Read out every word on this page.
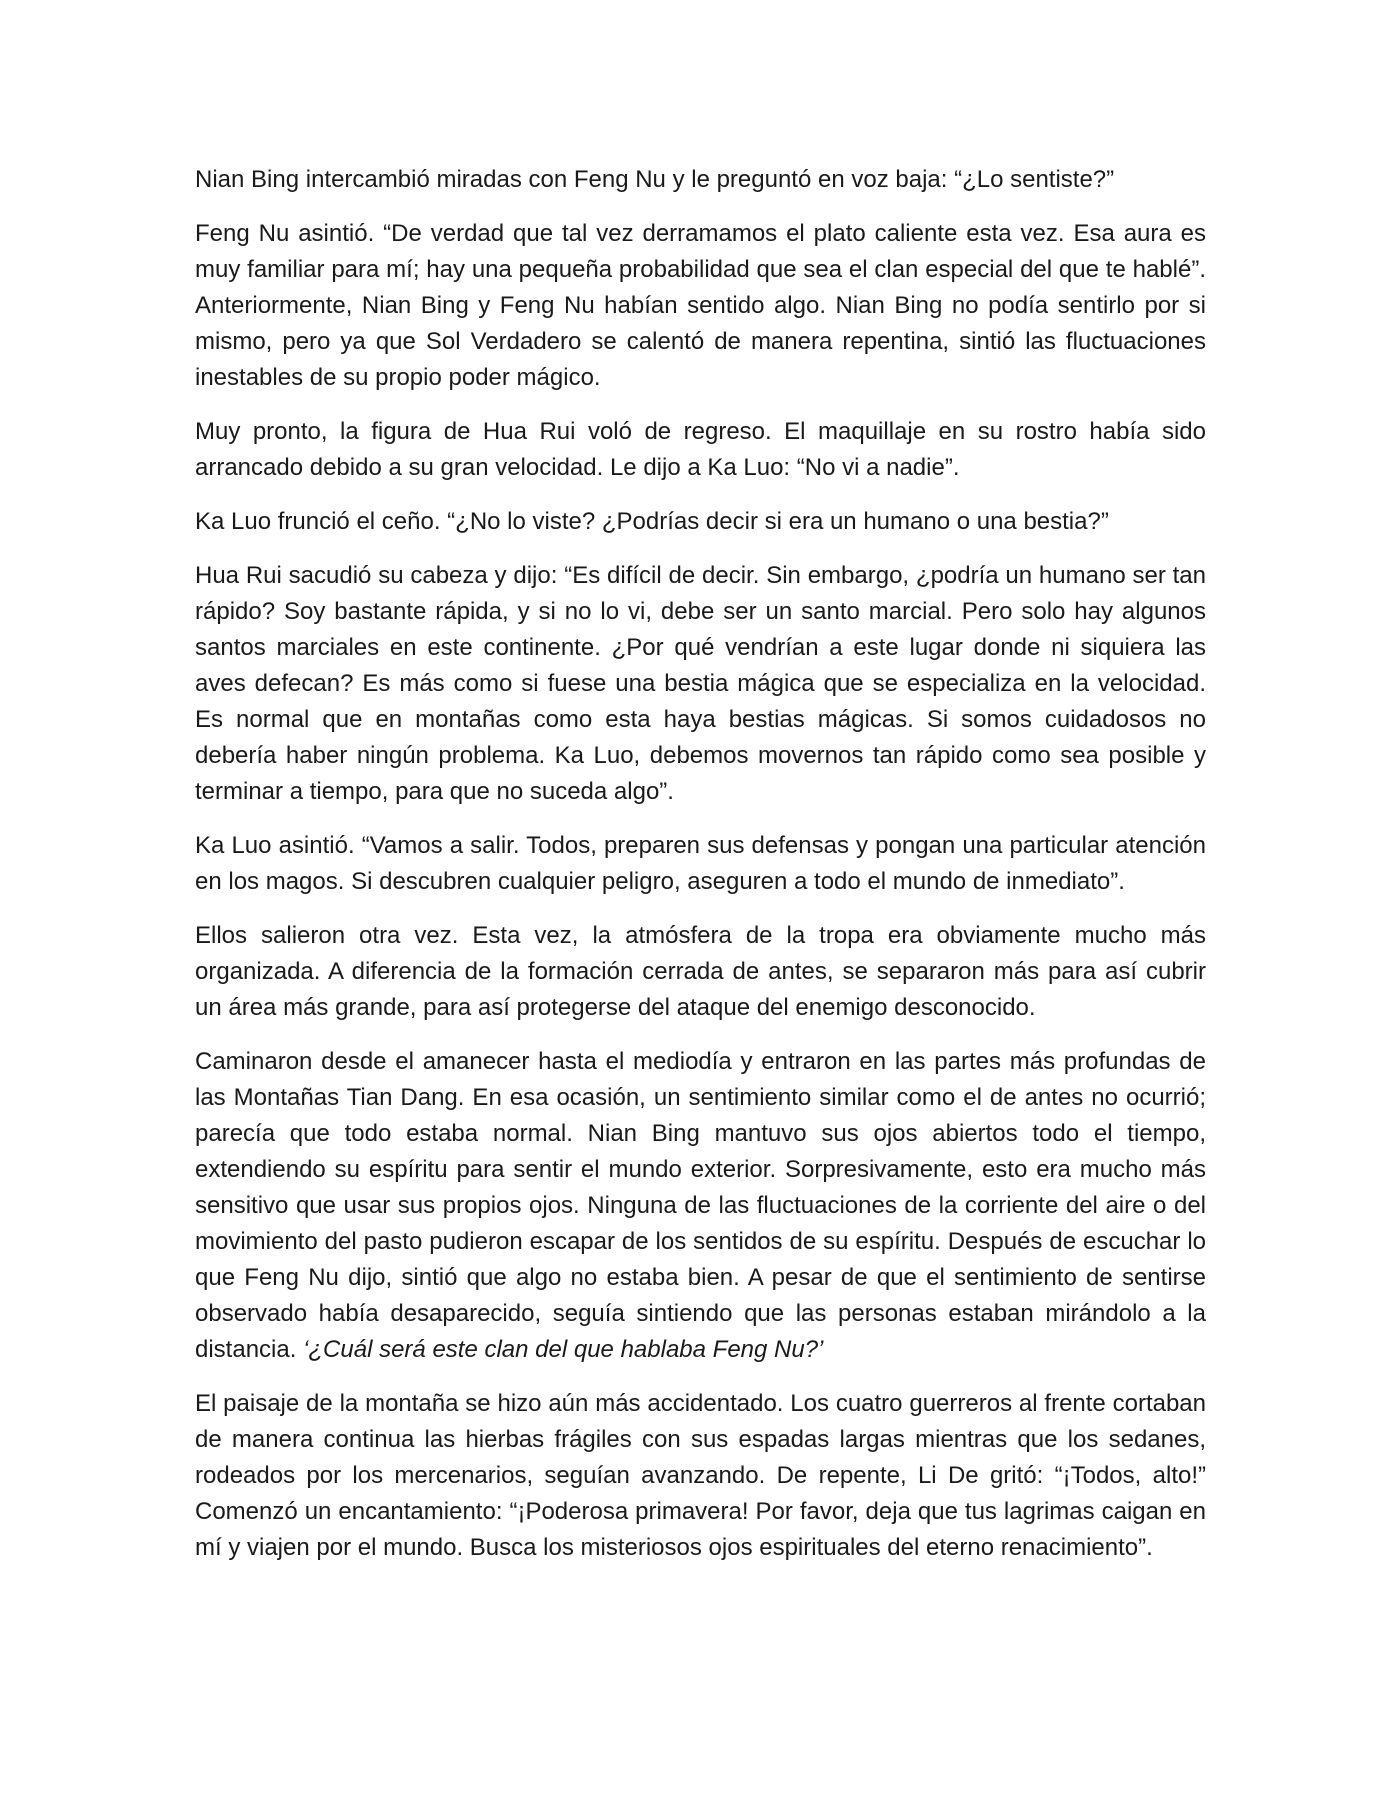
Nian Bing intercambió miradas con Feng Nu y le preguntó en voz baja: “¿Lo sentiste?”

Feng Nu asintió. “De verdad que tal vez derramamos el plato caliente esta vez. Esa aura es muy familiar para mí; hay una pequeña probabilidad que sea el clan especial del que te hablé”. Anteriormente, Nian Bing y Feng Nu habían sentido algo. Nian Bing no podía sentirlo por si mismo, pero ya que Sol Verdadero se calentó de manera repentina, sintió las fluctuaciones inestables de su propio poder mágico.

Muy pronto, la figura de Hua Rui voló de regreso. El maquillaje en su rostro había sido arrancado debido a su gran velocidad. Le dijo a Ka Luo: “No vi a nadie”.

Ka Luo frunció el ceño. “¿No lo viste? ¿Podrías decir si era un humano o una bestia?”

Hua Rui sacudió su cabeza y dijo: “Es difícil de decir. Sin embargo, ¿podría un humano ser tan rápido? Soy bastante rápida, y si no lo vi, debe ser un santo marcial. Pero solo hay algunos santos marciales en este continente. ¿Por qué vendrían a este lugar donde ni siquiera las aves defecan? Es más como si fuese una bestia mágica que se especializa en la velocidad. Es normal que en montañas como esta haya bestias mágicas. Si somos cuidadosos no debería haber ningún problema. Ka Luo, debemos movernos tan rápido como sea posible y terminar a tiempo, para que no suceda algo”.

Ka Luo asintió. “Vamos a salir. Todos, preparen sus defensas y pongan una particular atención en los magos. Si descubren cualquier peligro, aseguren a todo el mundo de inmediato”.

Ellos salieron otra vez. Esta vez, la atmósfera de la tropa era obviamente mucho más organizada. A diferencia de la formación cerrada de antes, se separaron más para así cubrir un área más grande, para así protegerse del ataque del enemigo desconocido.

Caminaron desde el amanecer hasta el mediodía y entraron en las partes más profundas de las Montañas Tian Dang. En esa ocasión, un sentimiento similar como el de antes no ocurrió; parecía que todo estaba normal. Nian Bing mantuvo sus ojos abiertos todo el tiempo, extendiendo su espíritu para sentir el mundo exterior. Sorpresivamente, esto era mucho más sensitivo que usar sus propios ojos. Ninguna de las fluctuaciones de la corriente del aire o del movimiento del pasto pudieron escapar de los sentidos de su espíritu. Después de escuchar lo que Feng Nu dijo, sintió que algo no estaba bien. A pesar de que el sentimiento de sentirse observado había desaparecido, seguía sintiendo que las personas estaban mirándolo a la distancia. ‘¿Cuál será este clan del que hablaba Feng Nu?’

El paisaje de la montaña se hizo aún más accidentado. Los cuatro guerreros al frente cortaban de manera continua las hierbas frágiles con sus espadas largas mientras que los sedanes, rodeados por los mercenarios, seguían avanzando. De repente, Li De gritó: “¡Todos, alto!” Comenzó un encantamiento: “¡Poderosa primavera! Por favor, deja que tus lagrimas caigan en mí y viajen por el mundo. Busca los misteriosos ojos espirituales del eterno renacimiento”.
